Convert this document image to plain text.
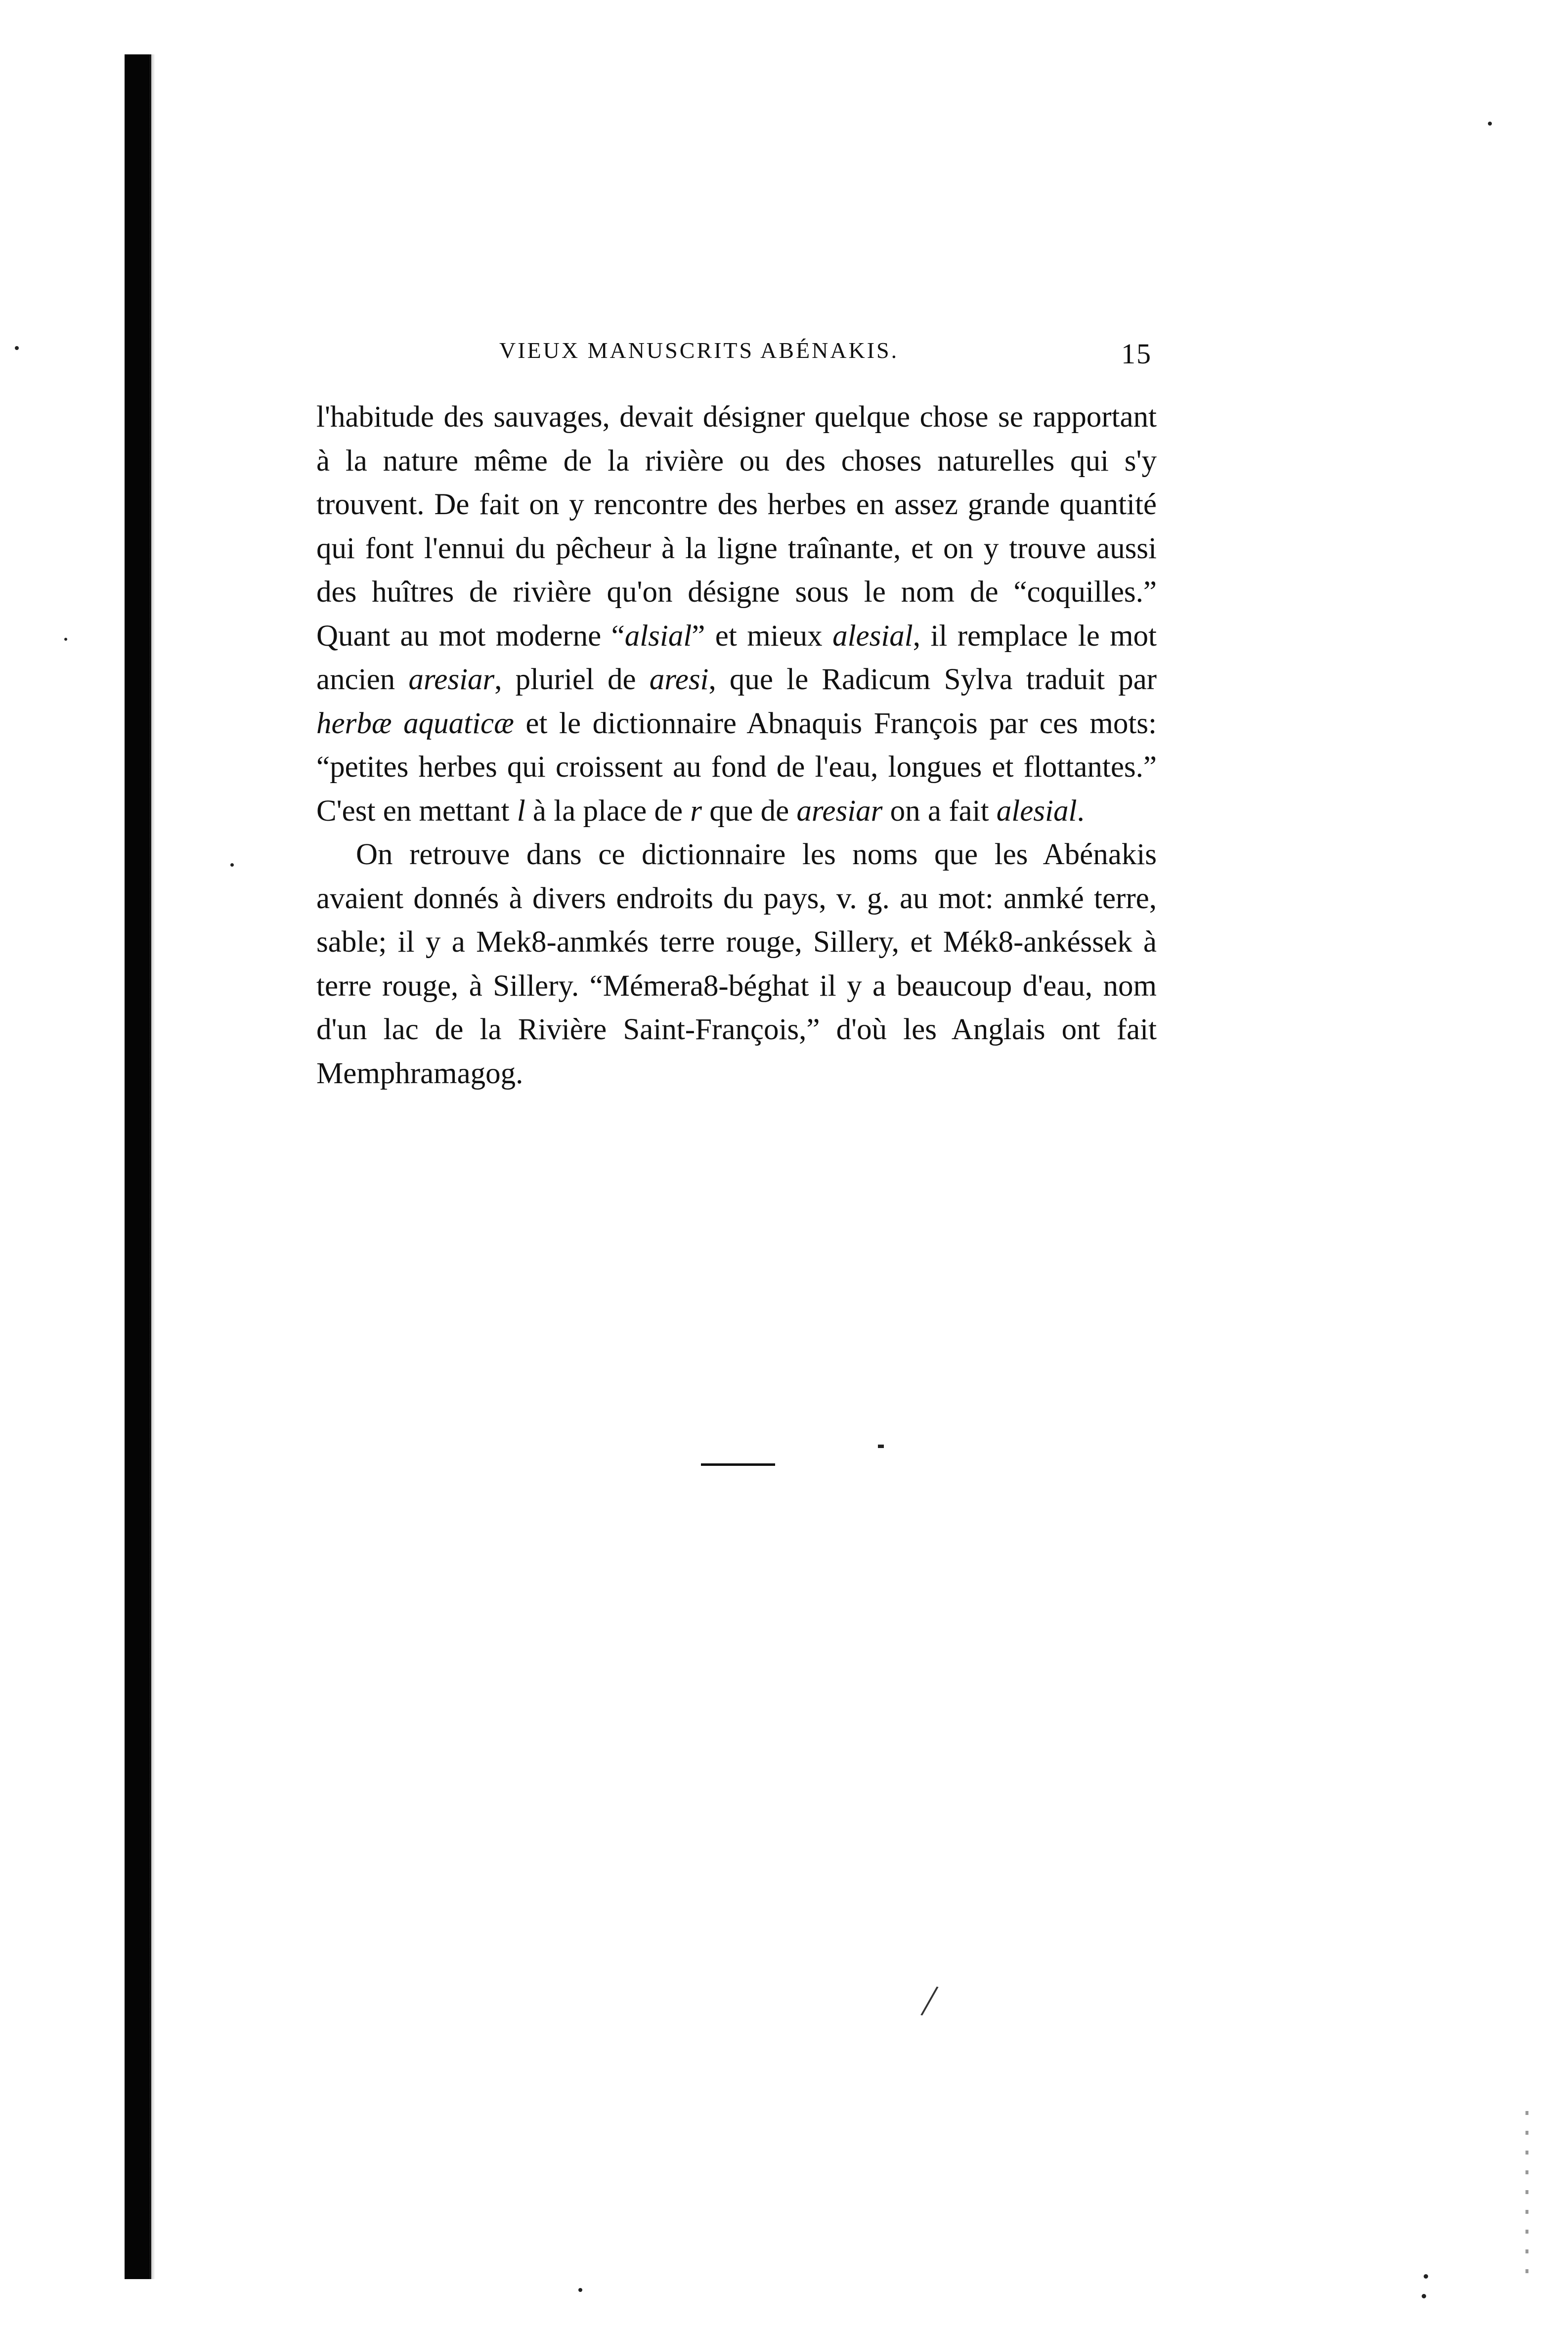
VIEUX MANUSCRITS ABÉNAKIS.	15

l'habitude des sauvages, devait désigner quelque chose se rapportant à la nature même de la rivière ou des choses naturelles qui s'y trouvent. De fait on y rencontre des herbes en assez grande quantité qui font l'ennui du pêcheur à la ligne traînante, et on y trouve aussi des huîtres de rivière qu'on désigne sous le nom de “coquilles.” Quant au mot moderne “alsial” et mieux alesial, il remplace le mot ancien aresiar, pluriel de aresi, que le Radicum Sylva traduit par herbæ aquaticæ et le dictionnaire Abnaquis François par ces mots: “petites herbes qui croissent au fond de l'eau, longues et flottantes.” C'est en mettant l à la place de r que de aresiar on a fait alesial.

On retrouve dans ce dictionnaire les noms que les Abénakis avaient donnés à divers endroits du pays, v. g. au mot: anmké terre, sable; il y a Mek8-anmkés terre rouge, Sillery, et Mék8-ankéssek à terre rouge, à Sillery. “Mémera8-béghat il y a beaucoup d'eau, nom d'un lac de la Rivière Saint-François,” d'où les Anglais ont fait Memphramagog.

⧸
